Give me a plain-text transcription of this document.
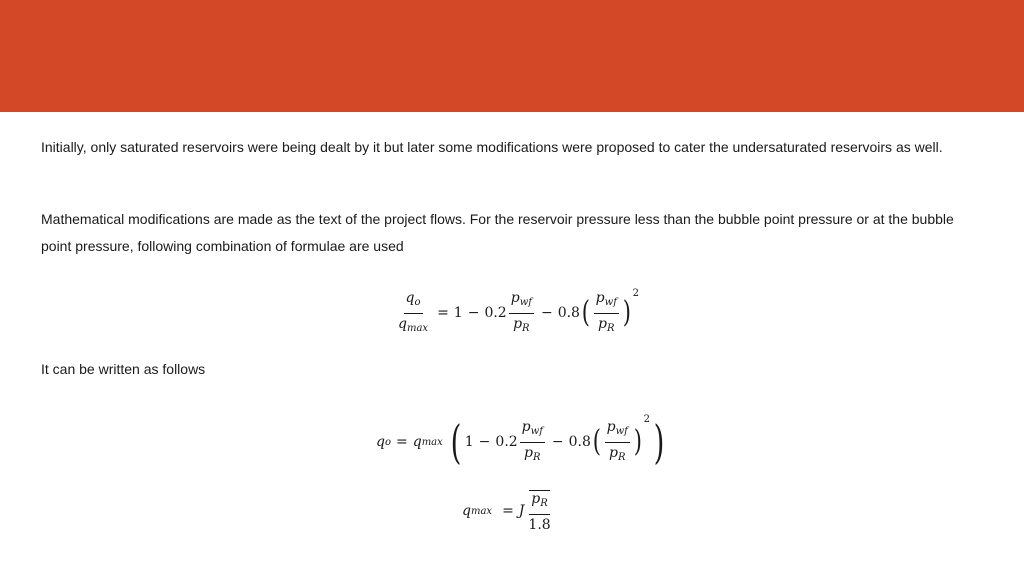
Initially, only saturated reservoirs were being dealt by it but later some modifications were proposed to cater the undersaturated reservoirs as well.

Mathematical modifications are made as the text of the project flows. For the reservoir pressure less than the bubble point pressure or at the bubble point pressure, following combination of formulae are used

$\frac{q_o}{q_{max}} = 1 - 0.2 \frac{p_{wf}}{p_R} - 0.8$ ( $\frac{p_{wf}}{p_R}$ )
2

It can be written as follows

q o = q max ( $1 - 0.2 \frac{p_{wf}}{p_R} - 0.8$ ( $\frac{p_{wf}}{p_R}$ )
2 )
q max = J $\frac{p_R}{1.8}$
